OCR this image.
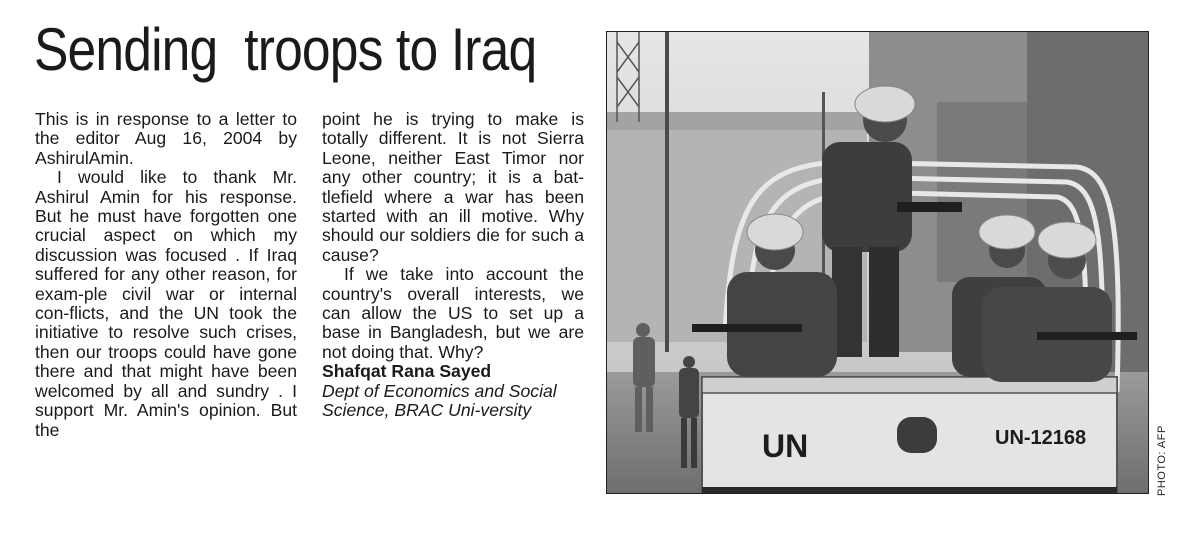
Sending  troops to Iraq

This is in response to a letter to the editor Aug 16, 2004 by AshirulAmin.

I would like to thank Mr. Ashirul Amin for his response. But he must have forgotten one crucial aspect on which my discussion was focused . If Iraq suffered for any other reason, for exam-ple civil war or internal con-flicts, and the UN took the initiative to resolve such crises, then our troops could have gone there and that might have been welcomed by all and sundry . I support Mr. Amin's opinion. But the

point he is trying to make is totally different. It is not Sierra Leone, neither East Timor nor any other country; it is a bat-tlefield where a war has been started with an ill motive. Why should our soldiers die for such a cause?

If we take into account the country's overall interests, we can allow the US to set up a base in Bangladesh, but we are not doing that. Why?

Shafqat Rana Sayed

Dept of Economics and Social Science, BRAC Uni-versity

UN	UN-12168	PHOTO: AFP
